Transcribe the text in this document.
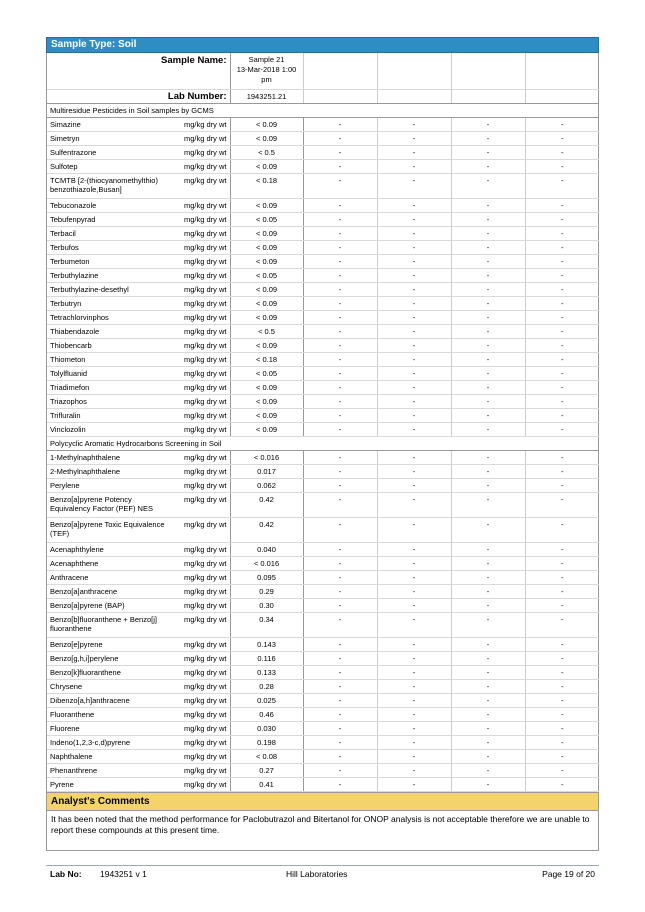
Sample Type: Soil
Sample Name:		Sample 21
13-Mar-2018 1:00 pm				

Lab Number:		1943251.21				
Multiresidue Pesticides in Soil samples by GCMS						
Simazine	mg/kg dry wt	< 0.09	-	-	-	-
Simetryn	mg/kg dry wt	< 0.09	-	-	-	-
Sulfentrazone	mg/kg dry wt	< 0.5	-	-	-	-
Sulfotep	mg/kg dry wt	< 0.09	-	-	-	-
TCMTB [2-(thiocyanomethylthio) benzothiazole,Busan]	mg/kg dry wt	< 0.18	-	-	-	-
Tebuconazole	mg/kg dry wt	< 0.09	-	-	-	-
Tebufenpyrad	mg/kg dry wt	< 0.05	-	-	-	-
Terbacil	mg/kg dry wt	< 0.09	-	-	-	-
Terbufos	mg/kg dry wt	< 0.09	-	-	-	-
Terbumeton	mg/kg dry wt	< 0.09	-	-	-	-
Terbuthylazine	mg/kg dry wt	< 0.05	-	-	-	-
Terbuthylazine-desethyl	mg/kg dry wt	< 0.09	-	-	-	-
Terbutryn	mg/kg dry wt	< 0.09	-	-	-	-
Tetrachlorvinphos	mg/kg dry wt	< 0.09	-	-	-	-
Thiabendazole	mg/kg dry wt	< 0.5	-	-	-	-
Thiobencarb	mg/kg dry wt	< 0.09	-	-	-	-
Thiometon	mg/kg dry wt	< 0.18	-	-	-	-
Tolylfluanid	mg/kg dry wt	< 0.05	-	-	-	-
Triadimefon	mg/kg dry wt	< 0.09	-	-	-	-
Triazophos	mg/kg dry wt	< 0.09	-	-	-	-
Trifluralin	mg/kg dry wt	< 0.09	-	-	-	-
Vinclozolin	mg/kg dry wt	< 0.09	-	-	-	-
Polycyclic Aromatic Hydrocarbons Screening in Soil						
1-Methylnaphthalene	mg/kg dry wt	< 0.016	-	-	-	-
2-Methylnaphthalene	mg/kg dry wt	0.017	-	-	-	-
Perylene	mg/kg dry wt	0.062	-	-	-	-
Benzo[a]pyrene Potency Equivalency Factor (PEF) NES	mg/kg dry wt	0.42	-	-	-	-
Benzo[a]pyrene Toxic Equivalence (TEF)	mg/kg dry wt	0.42	-	-	-	-
Acenaphthylene	mg/kg dry wt	0.040	-	-	-	-
Acenaphthene	mg/kg dry wt	< 0.016	-	-	-	-
Anthracene	mg/kg dry wt	0.095	-	-	-	-
Benzo[a]anthracene	mg/kg dry wt	0.29	-	-	-	-
Benzo[a]pyrene (BAP)	mg/kg dry wt	0.30	-	-	-	-
Benzo[b]fluoranthene + Benzo[j] fluoranthene	mg/kg dry wt	0.34	-	-	-	-
Benzo[e]pyrene	mg/kg dry wt	0.143	-	-	-	-
Benzo[g,h,i]perylene	mg/kg dry wt	0.116	-	-	-	-
Benzo[k]fluoranthene	mg/kg dry wt	0.133	-	-	-	-
Chrysene	mg/kg dry wt	0.28	-	-	-	-
Dibenzo[a,h]anthracene	mg/kg dry wt	0.025	-	-	-	-
Fluoranthene	mg/kg dry wt	0.46	-	-	-	-
Fluorene	mg/kg dry wt	0.030	-	-	-	-
Indeno(1,2,3-c,d)pyrene	mg/kg dry wt	0.198	-	-	-	-
Naphthalene	mg/kg dry wt	< 0.08	-	-	-	-
Phenanthrene	mg/kg dry wt	0.27	-	-	-	-
Pyrene	mg/kg dry wt	0.41	-	-	-	-
Analyst's Comments
It has been noted that the method performance for Paclobutrazol and Bitertanol for ONOP analysis is not acceptable therefore we are unable to report these compounds at this present time.
Lab No: 1943251 v 1	Hill Laboratories	Page 19 of 20
